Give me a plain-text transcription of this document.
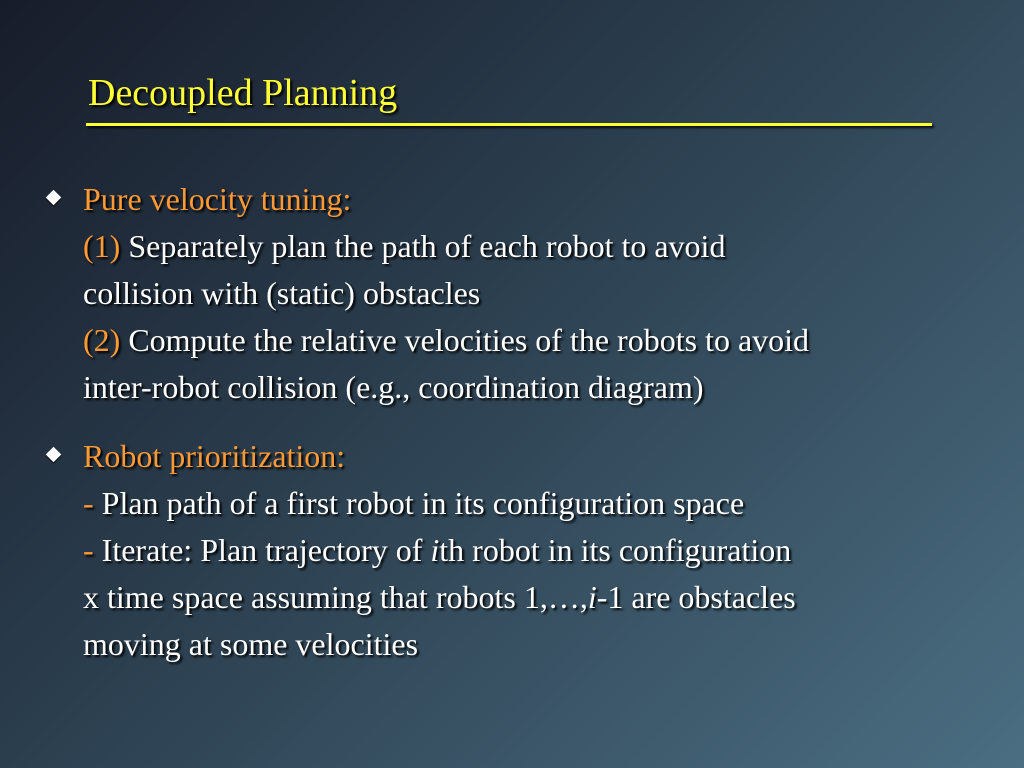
Decoupled Planning
Pure velocity tuning:
(1) Separately plan the path of each robot to avoid
collision with (static) obstacles
(2) Compute the relative velocities of the robots to avoid
inter-robot collision (e.g., coordination diagram)
Robot prioritization:
- Plan path of a first robot in its configuration space
- Iterate: Plan trajectory of ith robot in its configuration
x time space assuming that robots 1,…,i-1 are obstacles
moving at some velocities
